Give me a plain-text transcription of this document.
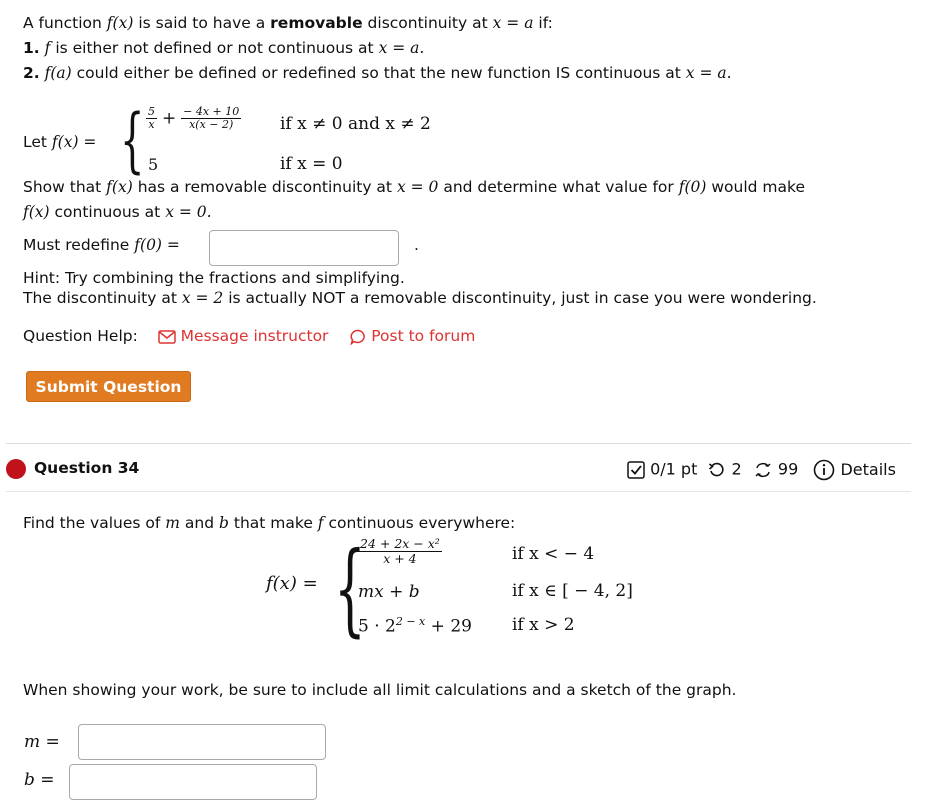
A function f(x) is said to have a removable discontinuity at x = a if:
1. f is either not defined or not continuous at x = a.
2. f(a) could either be defined or redefined so that the new function IS continuous at x = a.
Let f(x) = { $\frac{5}{x} + \frac{- 4x + 10}{x(x - 2)}$ if x ≠ 0 and x ≠ 2
5	if x = 0
Show that f(x) has a removable discontinuity at x = 0 and determine what value for f(0) would make
f(x) continuous at x = 0.
Must redefine f(0) =	.
Hint: Try combining the fractions and simplifying.
The discontinuity at x = 2 is actually NOT a removable discontinuity, just in case you were wondering.
Question Help:	Message instructor	Post to forum
Submit Question
Question 34	0/1 pt 2 99	Details
Find the values of m and b that make f continuous everywhere:
f(x) = {
$\frac{\text{24 + 2x − x²}}{x + 4}$	if x < − 4
mx + b	if x ∈ [ − 4, 2]
$5 \cdot 2^{2 - x} + 29$ if x > 2
When showing your work, be sure to include all limit calculations and a sketch of the graph.
m =
b =
